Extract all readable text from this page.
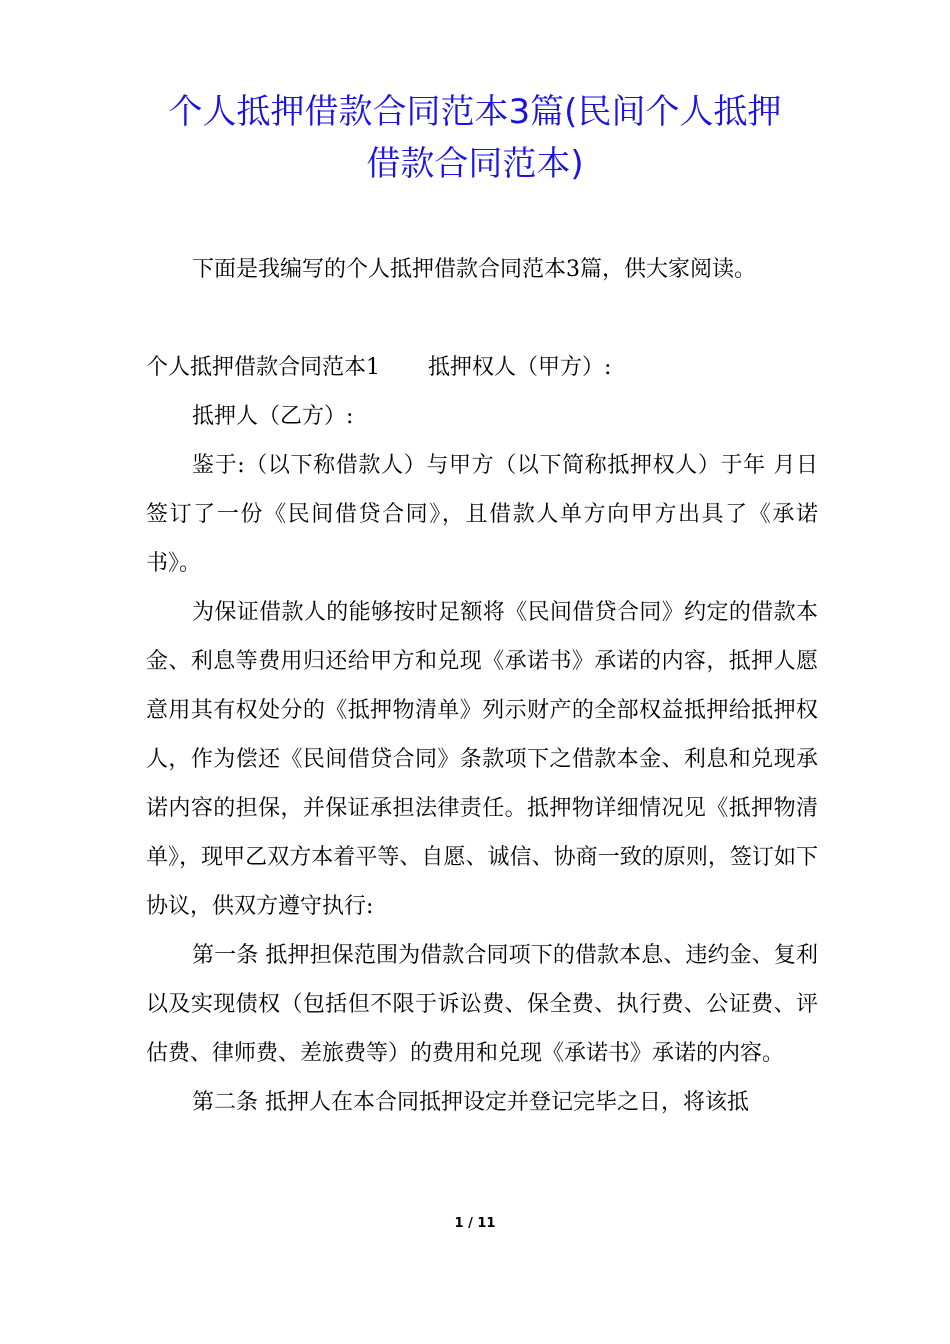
个人抵押借款合同范本3篇(民间个人抵押
借款合同范本)

下面是我编写的个人抵押借款合同范本3篇，供大家阅读。

个人抵押借款合同范本1 抵押权人（甲方）:

抵押人（乙方）:

鉴于:（以下称借款人）与甲方（以下简称抵押权人）于年 月日签订了一份《民间借贷合同》，且借款人单方向甲方出具了《承诺书》。

为保证借款人的能够按时足额将《民间借贷合同》约定的借款本金、利息等费用归还给甲方和兑现《承诺书》承诺的内容，抵押人愿意用其有权处分的《抵押物清单》列示财产的全部权益抵押给抵押权人，作为偿还《民间借贷合同》条款项下之借款本金、利息和兑现承诺内容的担保，并保证承担法律责任。抵押物详细情况见《抵押物清单》，现甲乙双方本着平等、自愿、诚信、协商一致的原则，签订如下协议，供双方遵守执行:

第一条 抵押担保范围为借款合同项下的借款本息、违约金、复利以及实现债权（包括但不限于诉讼费、保全费、执行费、公证费、评估费、律师费、差旅费等）的费用和兑现《承诺书》承诺的内容。

第二条 抵押人在本合同抵押设定并登记完毕之日，将该抵

1 / 11
